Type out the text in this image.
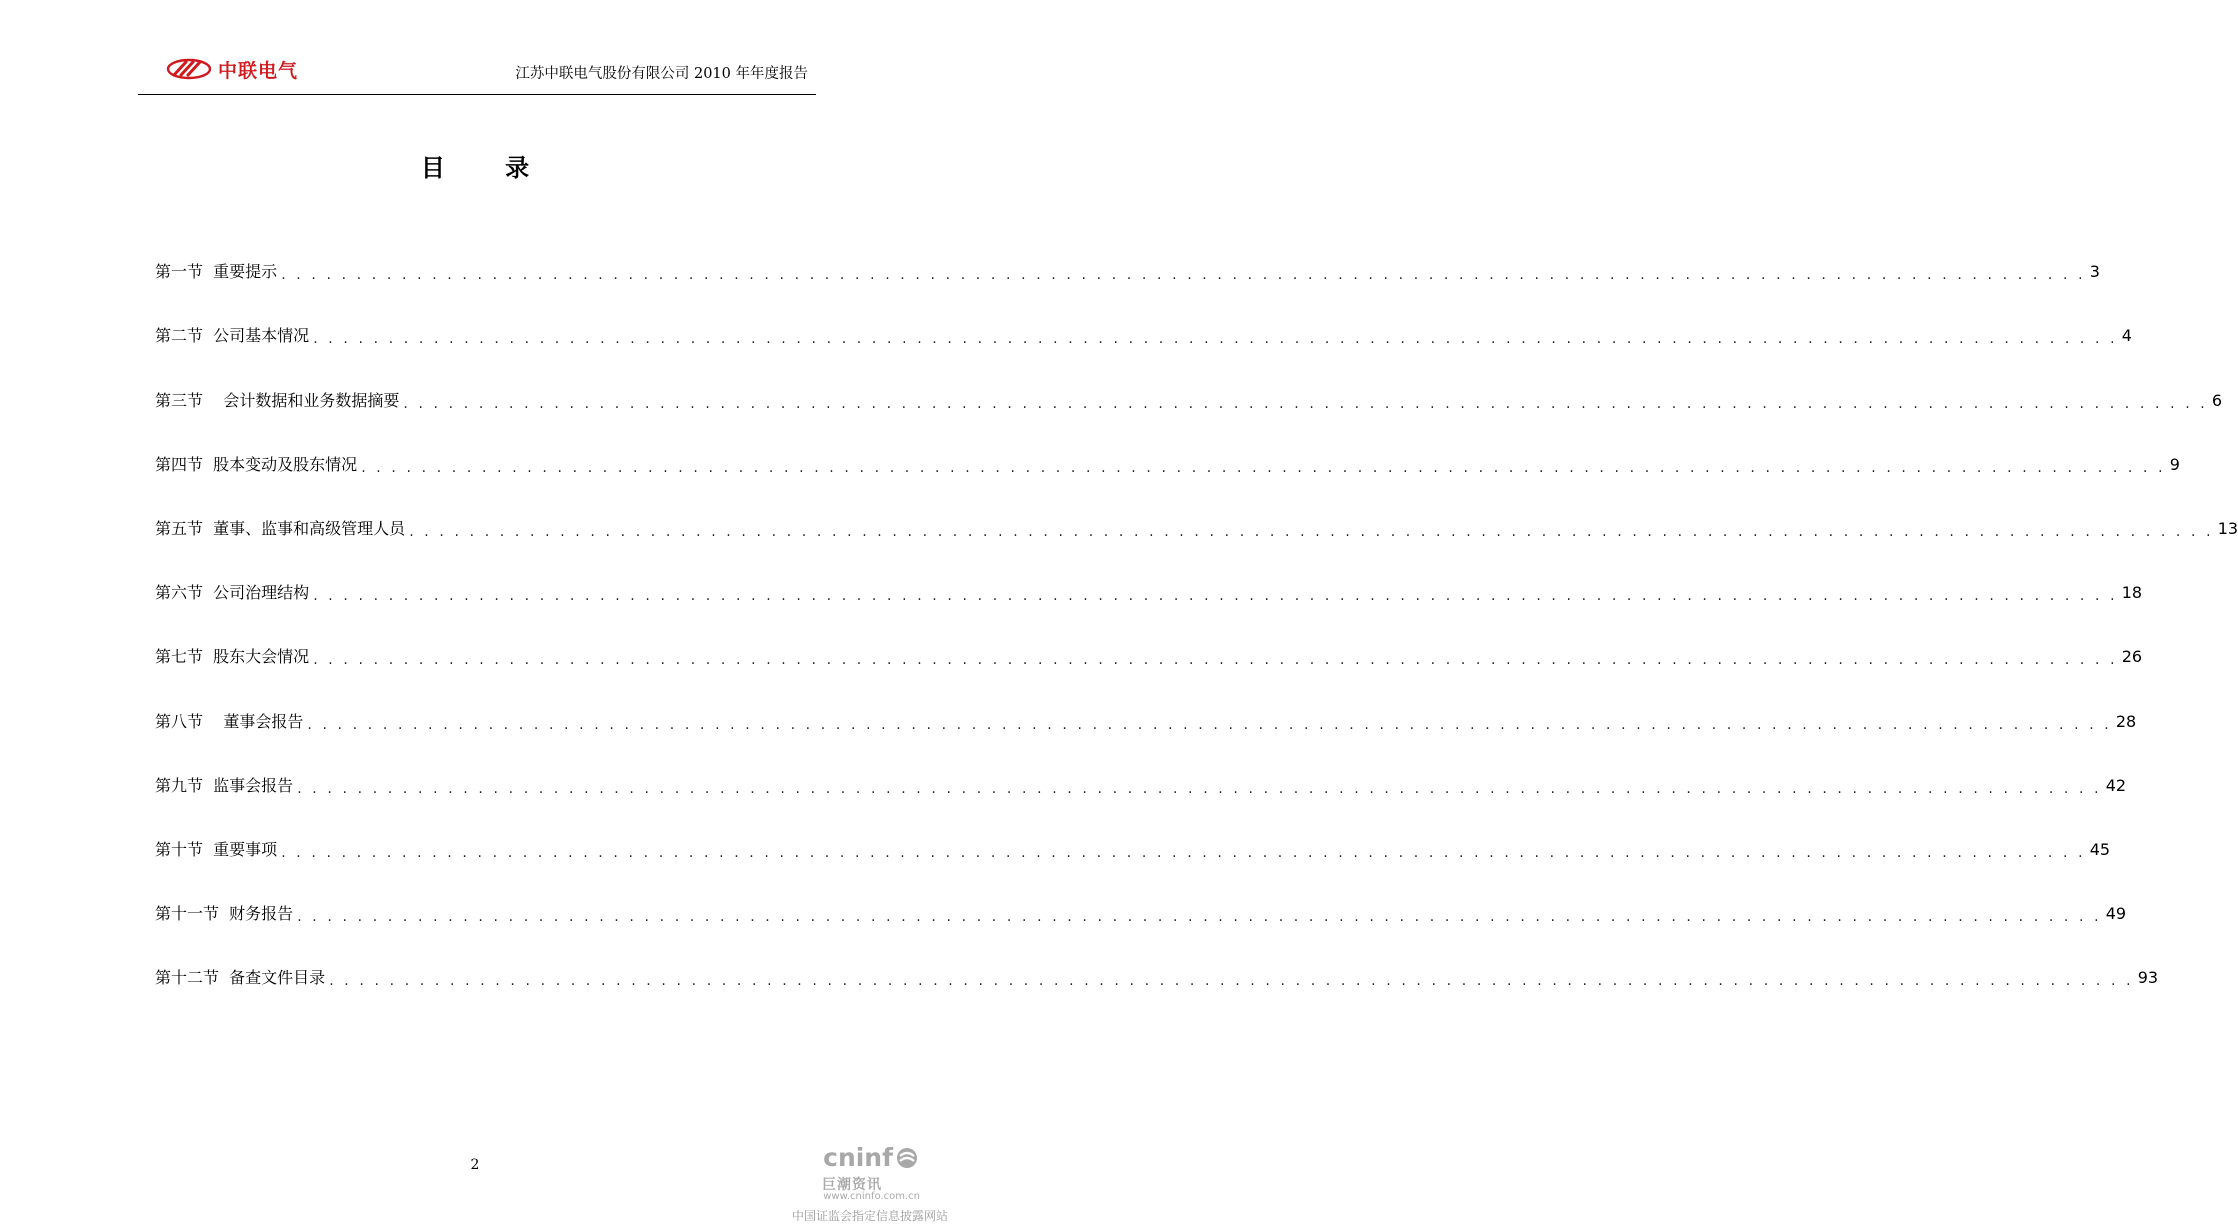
中联电气	江苏中联电气股份有限公司 2010 年年度报告
目 录
第一节  重要提示 . . . . . . . . . . . . . . . . . . . . . . . . . . . . . . . . . . . . . . . . . . . . . . . . . . . . . . . . . . . . . . . . . . . . . . . . . . . . . . . . . . . . . . . . . . . . . . . . . . . . . . . . . . . . . . . . . . . . . . . . 3
第二节  公司基本情况 . . . . . . . . . . . . . . . . . . . . . . . . . . . . . . . . . . . . . . . . . . . . . . . . . . . . . . . . . . . . . . . . . . . . . . . . . . . . . . . . . . . . . . . . . . . . . . . . . . . . . . . . . . . . . . . . . . . . . . . . 4
第三节    会计数据和业务数据摘要 . . . . . . . . . . . . . . . . . . . . . . . . . . . . . . . . . . . . . . . . . . . . . . . . . . . . . . . . . . . . . . . . . . . . . . . . . . . . . . . . . . . . . . . . . . . . . . . . . . . . . . . . . . . . . . . . . . . . . . . . 6
第四节  股本变动及股东情况 . . . . . . . . . . . . . . . . . . . . . . . . . . . . . . . . . . . . . . . . . . . . . . . . . . . . . . . . . . . . . . . . . . . . . . . . . . . . . . . . . . . . . . . . . . . . . . . . . . . . . . . . . . . . . . . . . . . . . . . . 9
第五节  董事、监事和高级管理人员 . . . . . . . . . . . . . . . . . . . . . . . . . . . . . . . . . . . . . . . . . . . . . . . . . . . . . . . . . . . . . . . . . . . . . . . . . . . . . . . . . . . . . . . . . . . . . . . . . . . . . . . . . . . . . . . . . . . . . . . . 13
第六节  公司治理结构 . . . . . . . . . . . . . . . . . . . . . . . . . . . . . . . . . . . . . . . . . . . . . . . . . . . . . . . . . . . . . . . . . . . . . . . . . . . . . . . . . . . . . . . . . . . . . . . . . . . . . . . . . . . . . . . . . . . . . . . . 18
第七节  股东大会情况 . . . . . . . . . . . . . . . . . . . . . . . . . . . . . . . . . . . . . . . . . . . . . . . . . . . . . . . . . . . . . . . . . . . . . . . . . . . . . . . . . . . . . . . . . . . . . . . . . . . . . . . . . . . . . . . . . . . . . . . . 26
第八节    董事会报告 . . . . . . . . . . . . . . . . . . . . . . . . . . . . . . . . . . . . . . . . . . . . . . . . . . . . . . . . . . . . . . . . . . . . . . . . . . . . . . . . . . . . . . . . . . . . . . . . . . . . . . . . . . . . . . . . . . . . . . . . 28
第九节  监事会报告 . . . . . . . . . . . . . . . . . . . . . . . . . . . . . . . . . . . . . . . . . . . . . . . . . . . . . . . . . . . . . . . . . . . . . . . . . . . . . . . . . . . . . . . . . . . . . . . . . . . . . . . . . . . . . . . . . . . . . . . . 42
第十节  重要事项 . . . . . . . . . . . . . . . . . . . . . . . . . . . . . . . . . . . . . . . . . . . . . . . . . . . . . . . . . . . . . . . . . . . . . . . . . . . . . . . . . . . . . . . . . . . . . . . . . . . . . . . . . . . . . . . . . . . . . . . . 45
第十一节  财务报告 . . . . . . . . . . . . . . . . . . . . . . . . . . . . . . . . . . . . . . . . . . . . . . . . . . . . . . . . . . . . . . . . . . . . . . . . . . . . . . . . . . . . . . . . . . . . . . . . . . . . . . . . . . . . . . . . . . . . . . . . 49
第十二节  备查文件目录 . . . . . . . . . . . . . . . . . . . . . . . . . . . . . . . . . . . . . . . . . . . . . . . . . . . . . . . . . . . . . . . . . . . . . . . . . . . . . . . . . . . . . . . . . . . . . . . . . . . . . . . . . . . . . . . . . . . . . . . . 93
2	cninf
巨潮资讯
www.cninfo.com.cn
中国证监会指定信息披露网站
